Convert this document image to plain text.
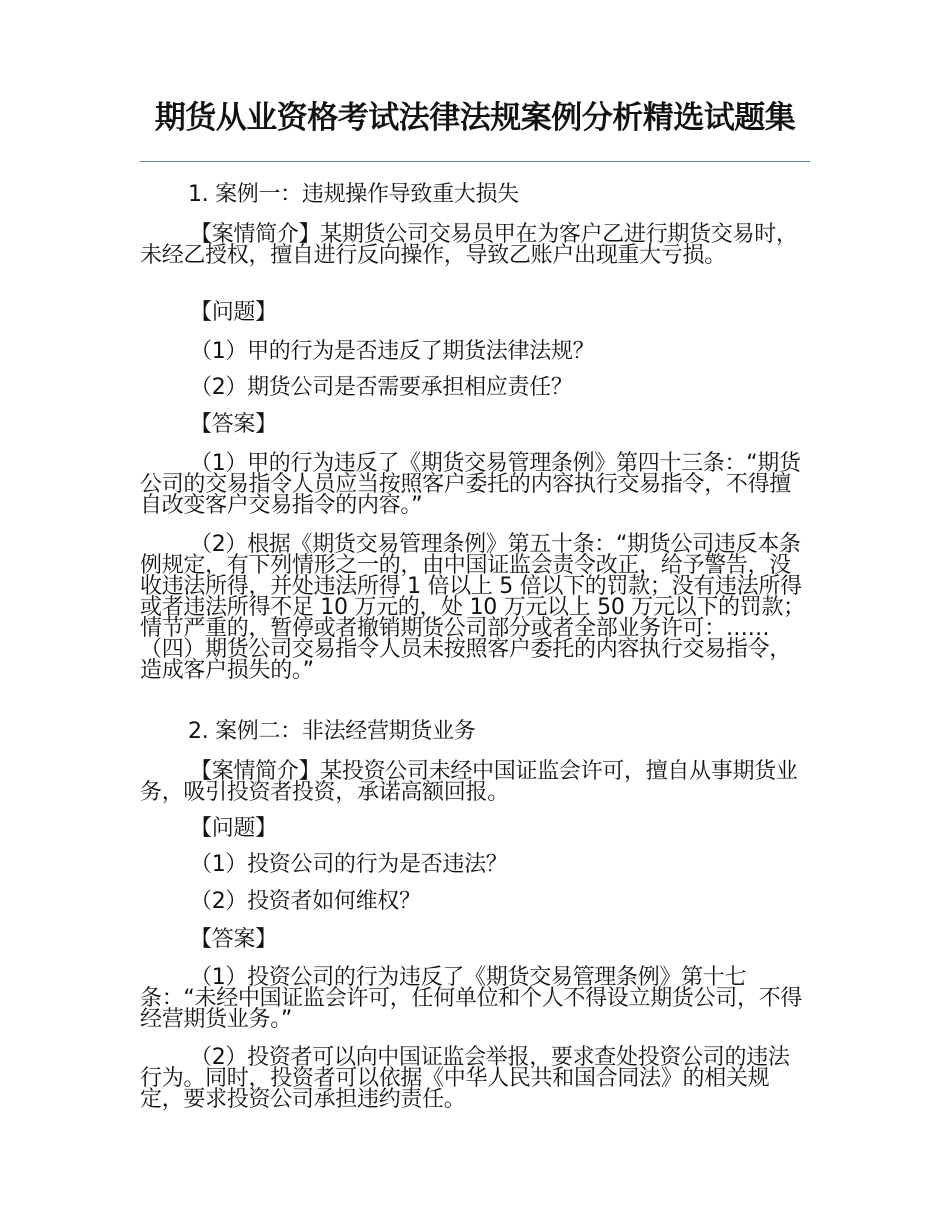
期货从业资格考试法律法规案例分析精选试题集
1. 案例一：违规操作导致重大损失
【案情简介】某期货公司交易员甲在为客户乙进行期货交易时，未经乙授权，擅自进行反向操作，导致乙账户出现重大亏损。
【问题】
（1）甲的行为是否违反了期货法律法规？
（2）期货公司是否需要承担相应责任？
【答案】
（1）甲的行为违反了《期货交易管理条例》第四十三条：“期货公司的交易指令人员应当按照客户委托的内容执行交易指令，不得擅自改变客户交易指令的内容。”
（2）根据《期货交易管理条例》第五十条：“期货公司违反本条例规定，有下列情形之一的，由中国证监会责令改正，给予警告，没收违法所得，并处违法所得 1 倍以上 5 倍以下的罚款；没有违法所得或者违法所得不足 10 万元的，处 10 万元以上 50 万元以下的罚款；情节严重的，暂停或者撤销期货公司部分或者全部业务许可：……（四）期货公司交易指令人员未按照客户委托的内容执行交易指令，造成客户损失的。”
2. 案例二：非法经营期货业务
【案情简介】某投资公司未经中国证监会许可，擅自从事期货业务，吸引投资者投资，承诺高额回报。
【问题】
（1）投资公司的行为是否违法？
（2）投资者如何维权？
【答案】
（1）投资公司的行为违反了《期货交易管理条例》第十七条：“未经中国证监会许可，任何单位和个人不得设立期货公司，不得经营期货业务。”
（2）投资者可以向中国证监会举报，要求查处投资公司的违法行为。同时，投资者可以依据《中华人民共和国合同法》的相关规定，要求投资公司承担违约责任。
